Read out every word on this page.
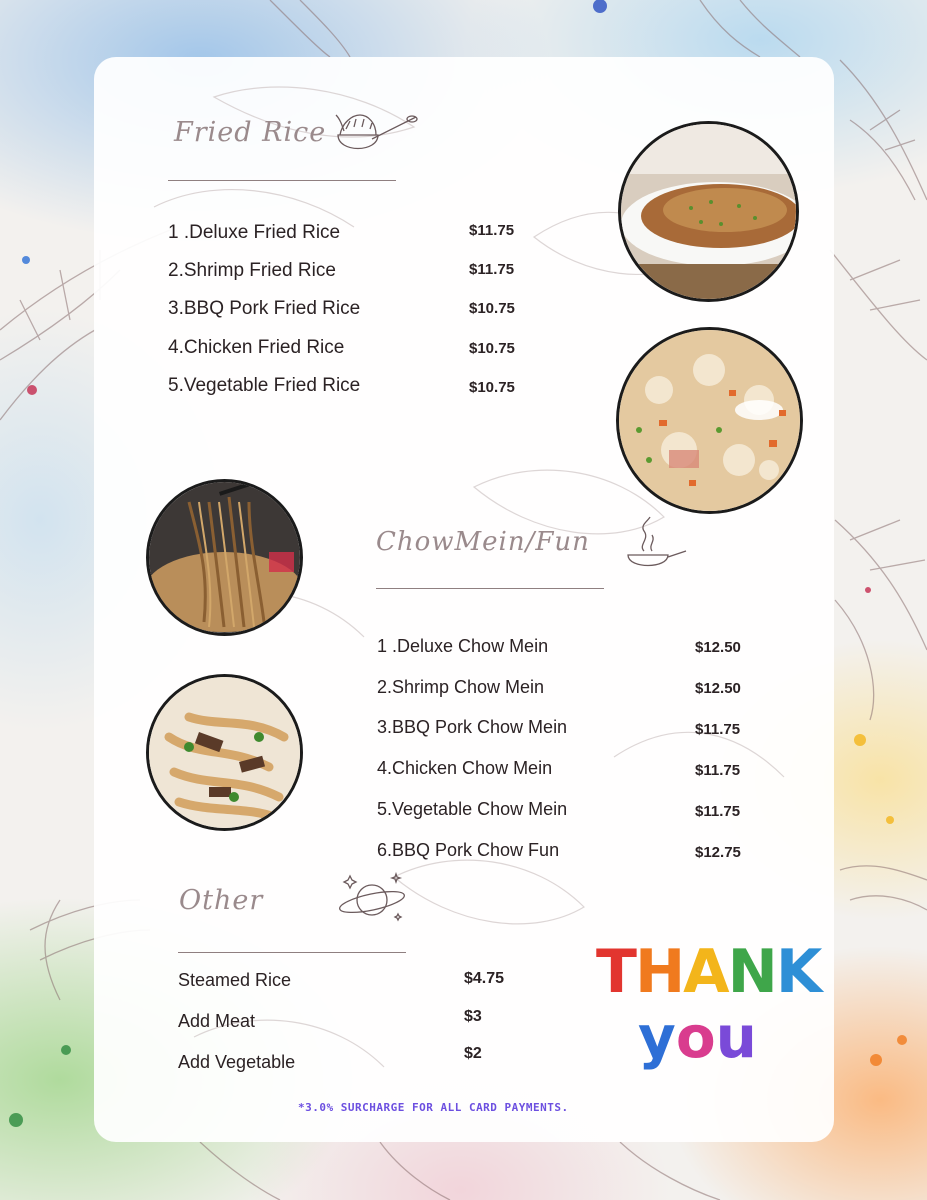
Fried Rice
1 .Deluxe Fried Rice	$11.75
2.Shrimp Fried Rice	$11.75
3.BBQ Pork Fried Rice	$10.75
4.Chicken Fried Rice	$10.75
5.Vegetable Fried Rice	$10.75
ChowMein/Fun
1 .Deluxe Chow Mein	$12.50
2.Shrimp Chow Mein	$12.50
3.BBQ Pork Chow Mein	$11.75
4.Chicken Chow Mein	$11.75
5.Vegetable Chow Mein	$11.75
6.BBQ Pork Chow Fun	$12.75
Other
Steamed Rice	$4.75
Add Meat	$3
Add Vegetable	$2
THANK
you
*3.0% SURCHARGE FOR ALL CARD PAYMENTS.
